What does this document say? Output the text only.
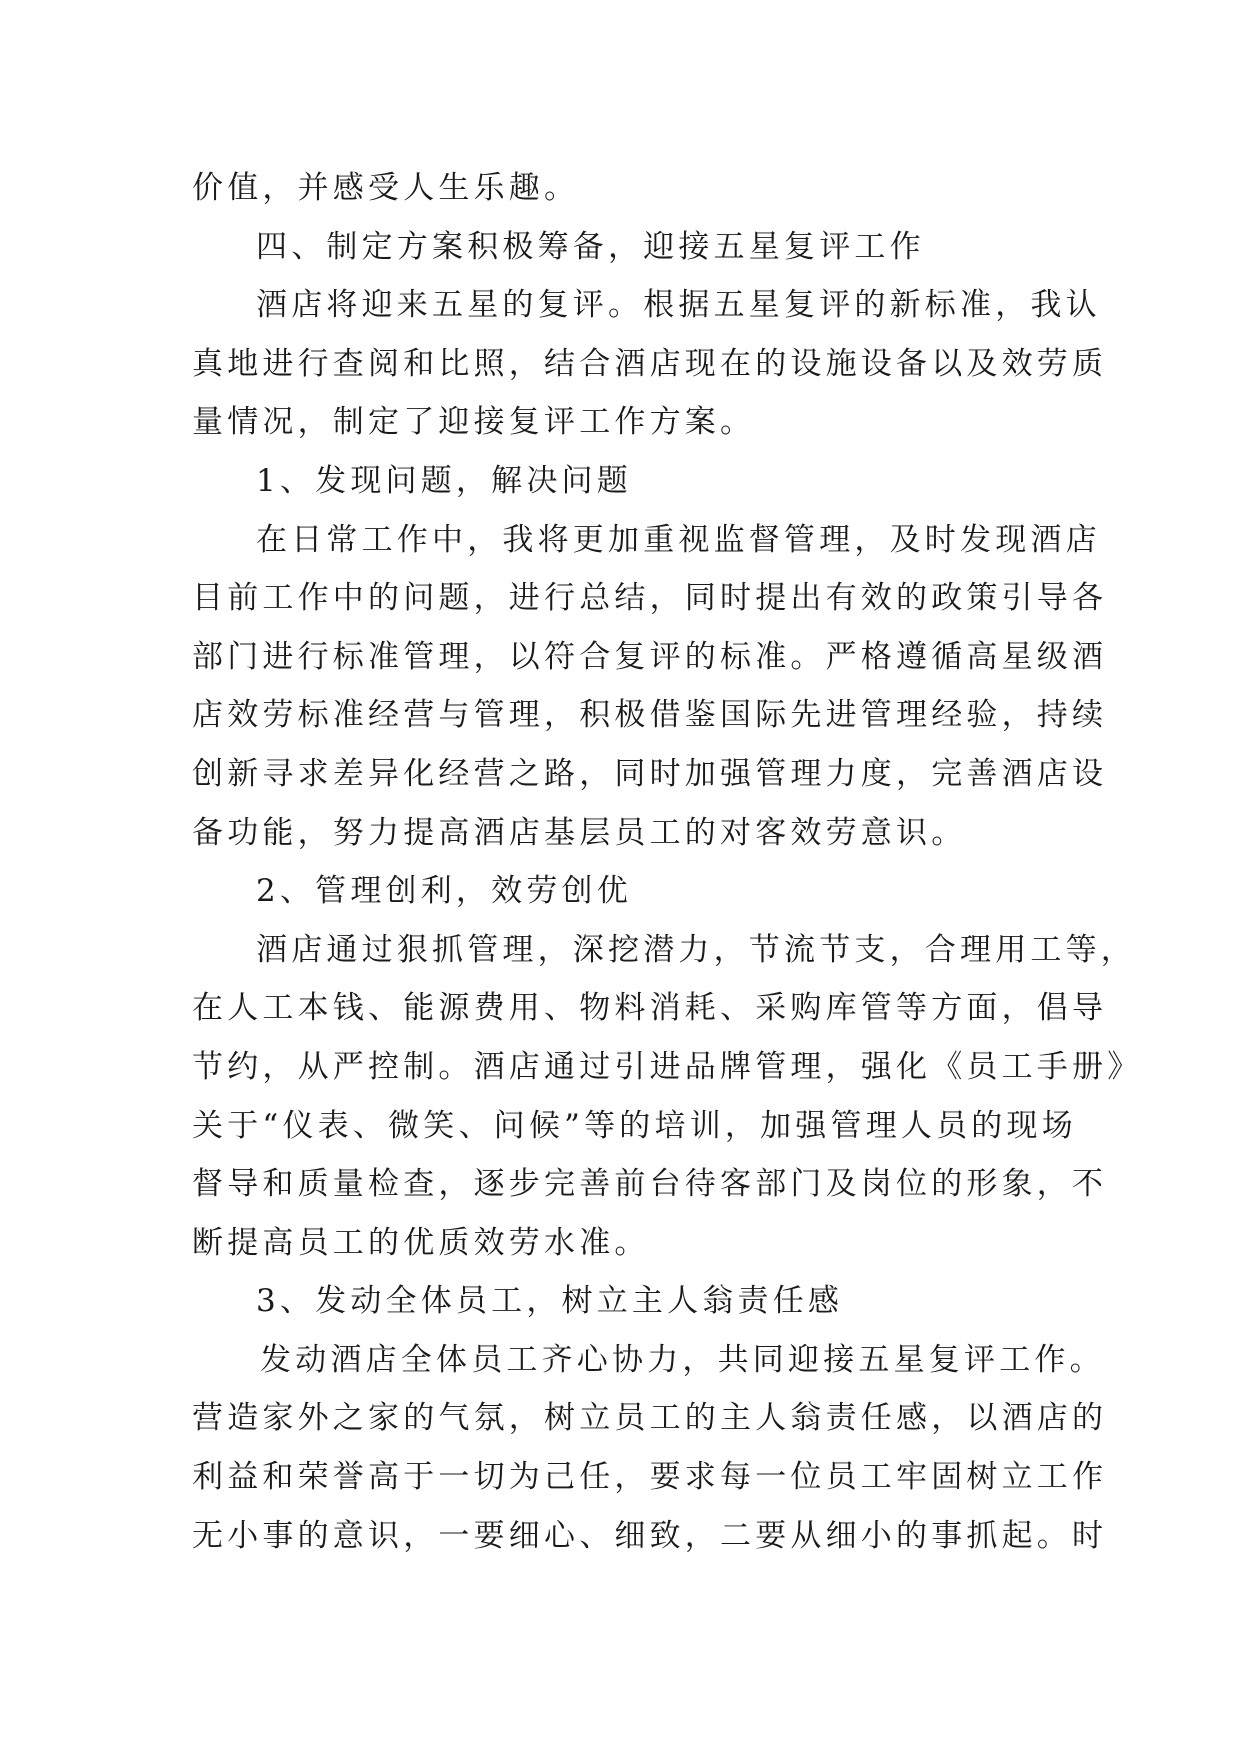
价值，并感受人生乐趣。

四、制定方案积极筹备，迎接五星复评工作

酒店将迎来五星的复评。根据五星复评的新标准，我认

真地进行查阅和比照，结合酒店现在的设施设备以及效劳质

量情况，制定了迎接复评工作方案。

1、发现问题，解决问题

在日常工作中，我将更加重视监督管理，及时发现酒店

目前工作中的问题，进行总结，同时提出有效的政策引导各

部门进行标准管理，以符合复评的标准。严格遵循高星级酒

店效劳标准经营与管理，积极借鉴国际先进管理经验，持续

创新寻求差异化经营之路，同时加强管理力度，完善酒店设

备功能，努力提高酒店基层员工的对客效劳意识。

2、管理创利，效劳创优

酒店通过狠抓管理，深挖潜力，节流节支，合理用工等，

在人工本钱、能源费用、物料消耗、采购库管等方面，倡导

节约，从严控制。酒店通过引进品牌管理，强化《员工手册》

关于“仪表、微笑、问候”等的培训，加强管理人员的现场

督导和质量检查，逐步完善前台待客部门及岗位的形象，不

断提高员工的优质效劳水准。

3、发动全体员工，树立主人翁责任感

发动酒店全体员工齐心协力，共同迎接五星复评工作。

营造家外之家的气氛，树立员工的主人翁责任感，以酒店的

利益和荣誉高于一切为己任，要求每一位员工牢固树立工作

无小事的意识，一要细心、细致，二要从细小的事抓起。时
